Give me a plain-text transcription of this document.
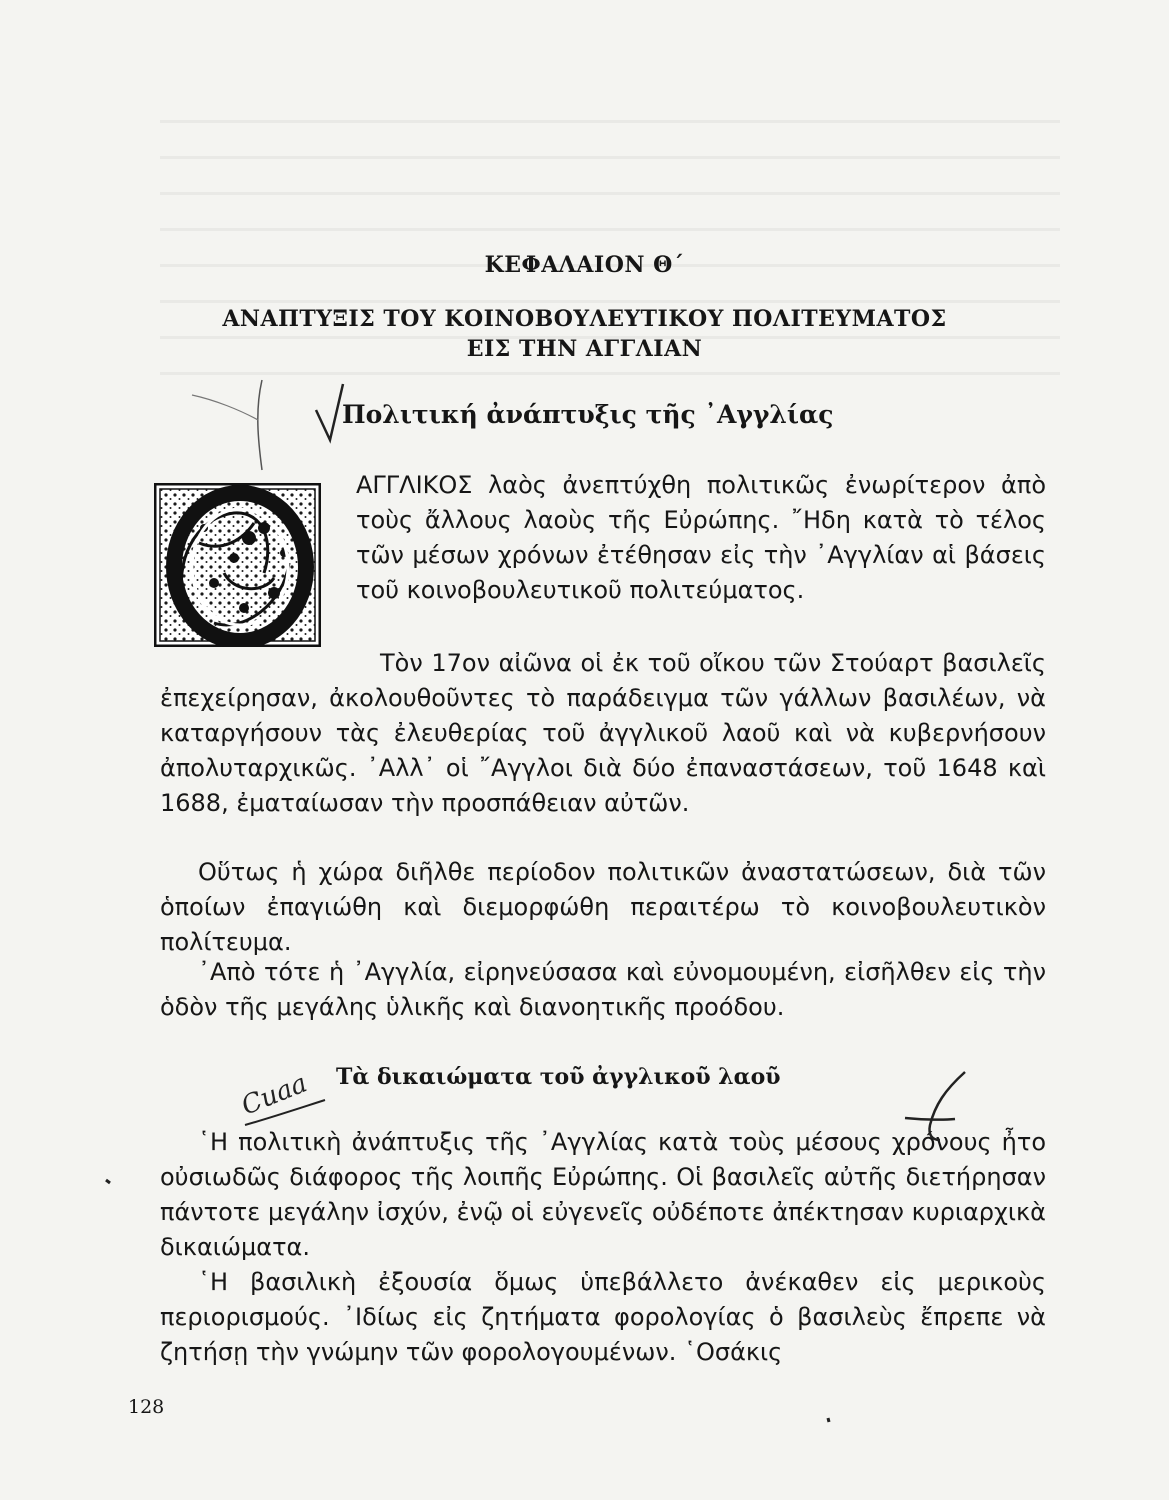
ΚΕΦΑΛΑΙΟΝ Θ΄
ΑΝΑΠΤΥΞΙΣ ΤΟΥ ΚΟΙΝΟΒΟΥΛΕΥΤΙΚΟΥ ΠΟΛΙΤΕΥΜΑΤΟΣ
ΕΙΣ ΤΗΝ ΑΓΓΛΙΑΝ
Πολιτική ἀνάπτυξις τῆς ᾿Αγγλίας
Ο

ΑΓΓΛΙΚΟΣ λαὸς ἀνεπτύχθη πολιτικῶς ἐνωρίτερον ἀπὸ τοὺς ἄλλους λαοὺς τῆς Εὐρώπης. ῎Ηδη κατὰ τὸ τέλος τῶν μέσων χρόνων ἐτέθησαν εἰς τὴν ᾿Αγγλίαν αἱ βάσεις τοῦ κοινοβουλευτικοῦ πολιτεύματος.

Τὸν 17ον αἰῶνα οἱ ἐκ τοῦ οἴκου τῶν Στούαρτ βασιλεῖς ἐπεχείρησαν, ἀκολουθοῦντες τὸ παράδειγμα τῶν γάλλων βασιλέων, νὰ καταργήσουν τὰς ἐλευθερίας τοῦ ἀγγλικοῦ λαοῦ καὶ νὰ κυβερνήσουν ἀπολυταρχικῶς. ᾿Αλλ᾿ οἱ ῎Αγγλοι διὰ δύο ἐπαναστάσεων, τοῦ 1648 καὶ 1688, ἐματαίωσαν τὴν προσπάθειαν αὐτῶν.

Οὕτως ἡ χώρα διῆλθε περίοδον πολιτικῶν ἀναστατώσεων, διὰ τῶν ὁποίων ἐπαγιώθη καὶ διεμορφώθη περαιτέρω τὸ κοινοβουλευτικὸν πολίτευμα.

᾿Απὸ τότε ἡ ᾿Αγγλία, εἰρηνεύσασα καὶ εὐνομουμένη, εἰσῆλθεν εἰς τὴν ὁδὸν τῆς μεγάλης ὑλικῆς καὶ διανοητικῆς προόδου.

Τὰ δικαιώματα τοῦ ἀγγλικοῦ λαοῦ

῾Η πολιτικὴ ἀνάπτυξις τῆς ᾿Αγγλίας κατὰ τοὺς μέσους χρόνους ἦτο οὐσιωδῶς διάφορος τῆς λοιπῆς Εὐρώπης. Οἱ βασιλεῖς αὐτῆς διετήρησαν πάντοτε μεγάλην ἰσχύν, ἐνῷ οἱ εὐγενεῖς οὐδέποτε ἀπέκτησαν κυριαρχικὰ δικαιώματα.

῾Η βασιλικὴ ἐξουσία ὅμως ὑπεβάλλετο ἀνέκαθεν εἰς μερικοὺς περιορισμούς. ᾿Ιδίως εἰς ζητήματα φορολογίας ὁ βασιλεὺς ἔπρεπε νὰ ζητήσῃ τὴν γνώμην τῶν φορολογουμένων. ῾Οσάκις

128
Cuaa
